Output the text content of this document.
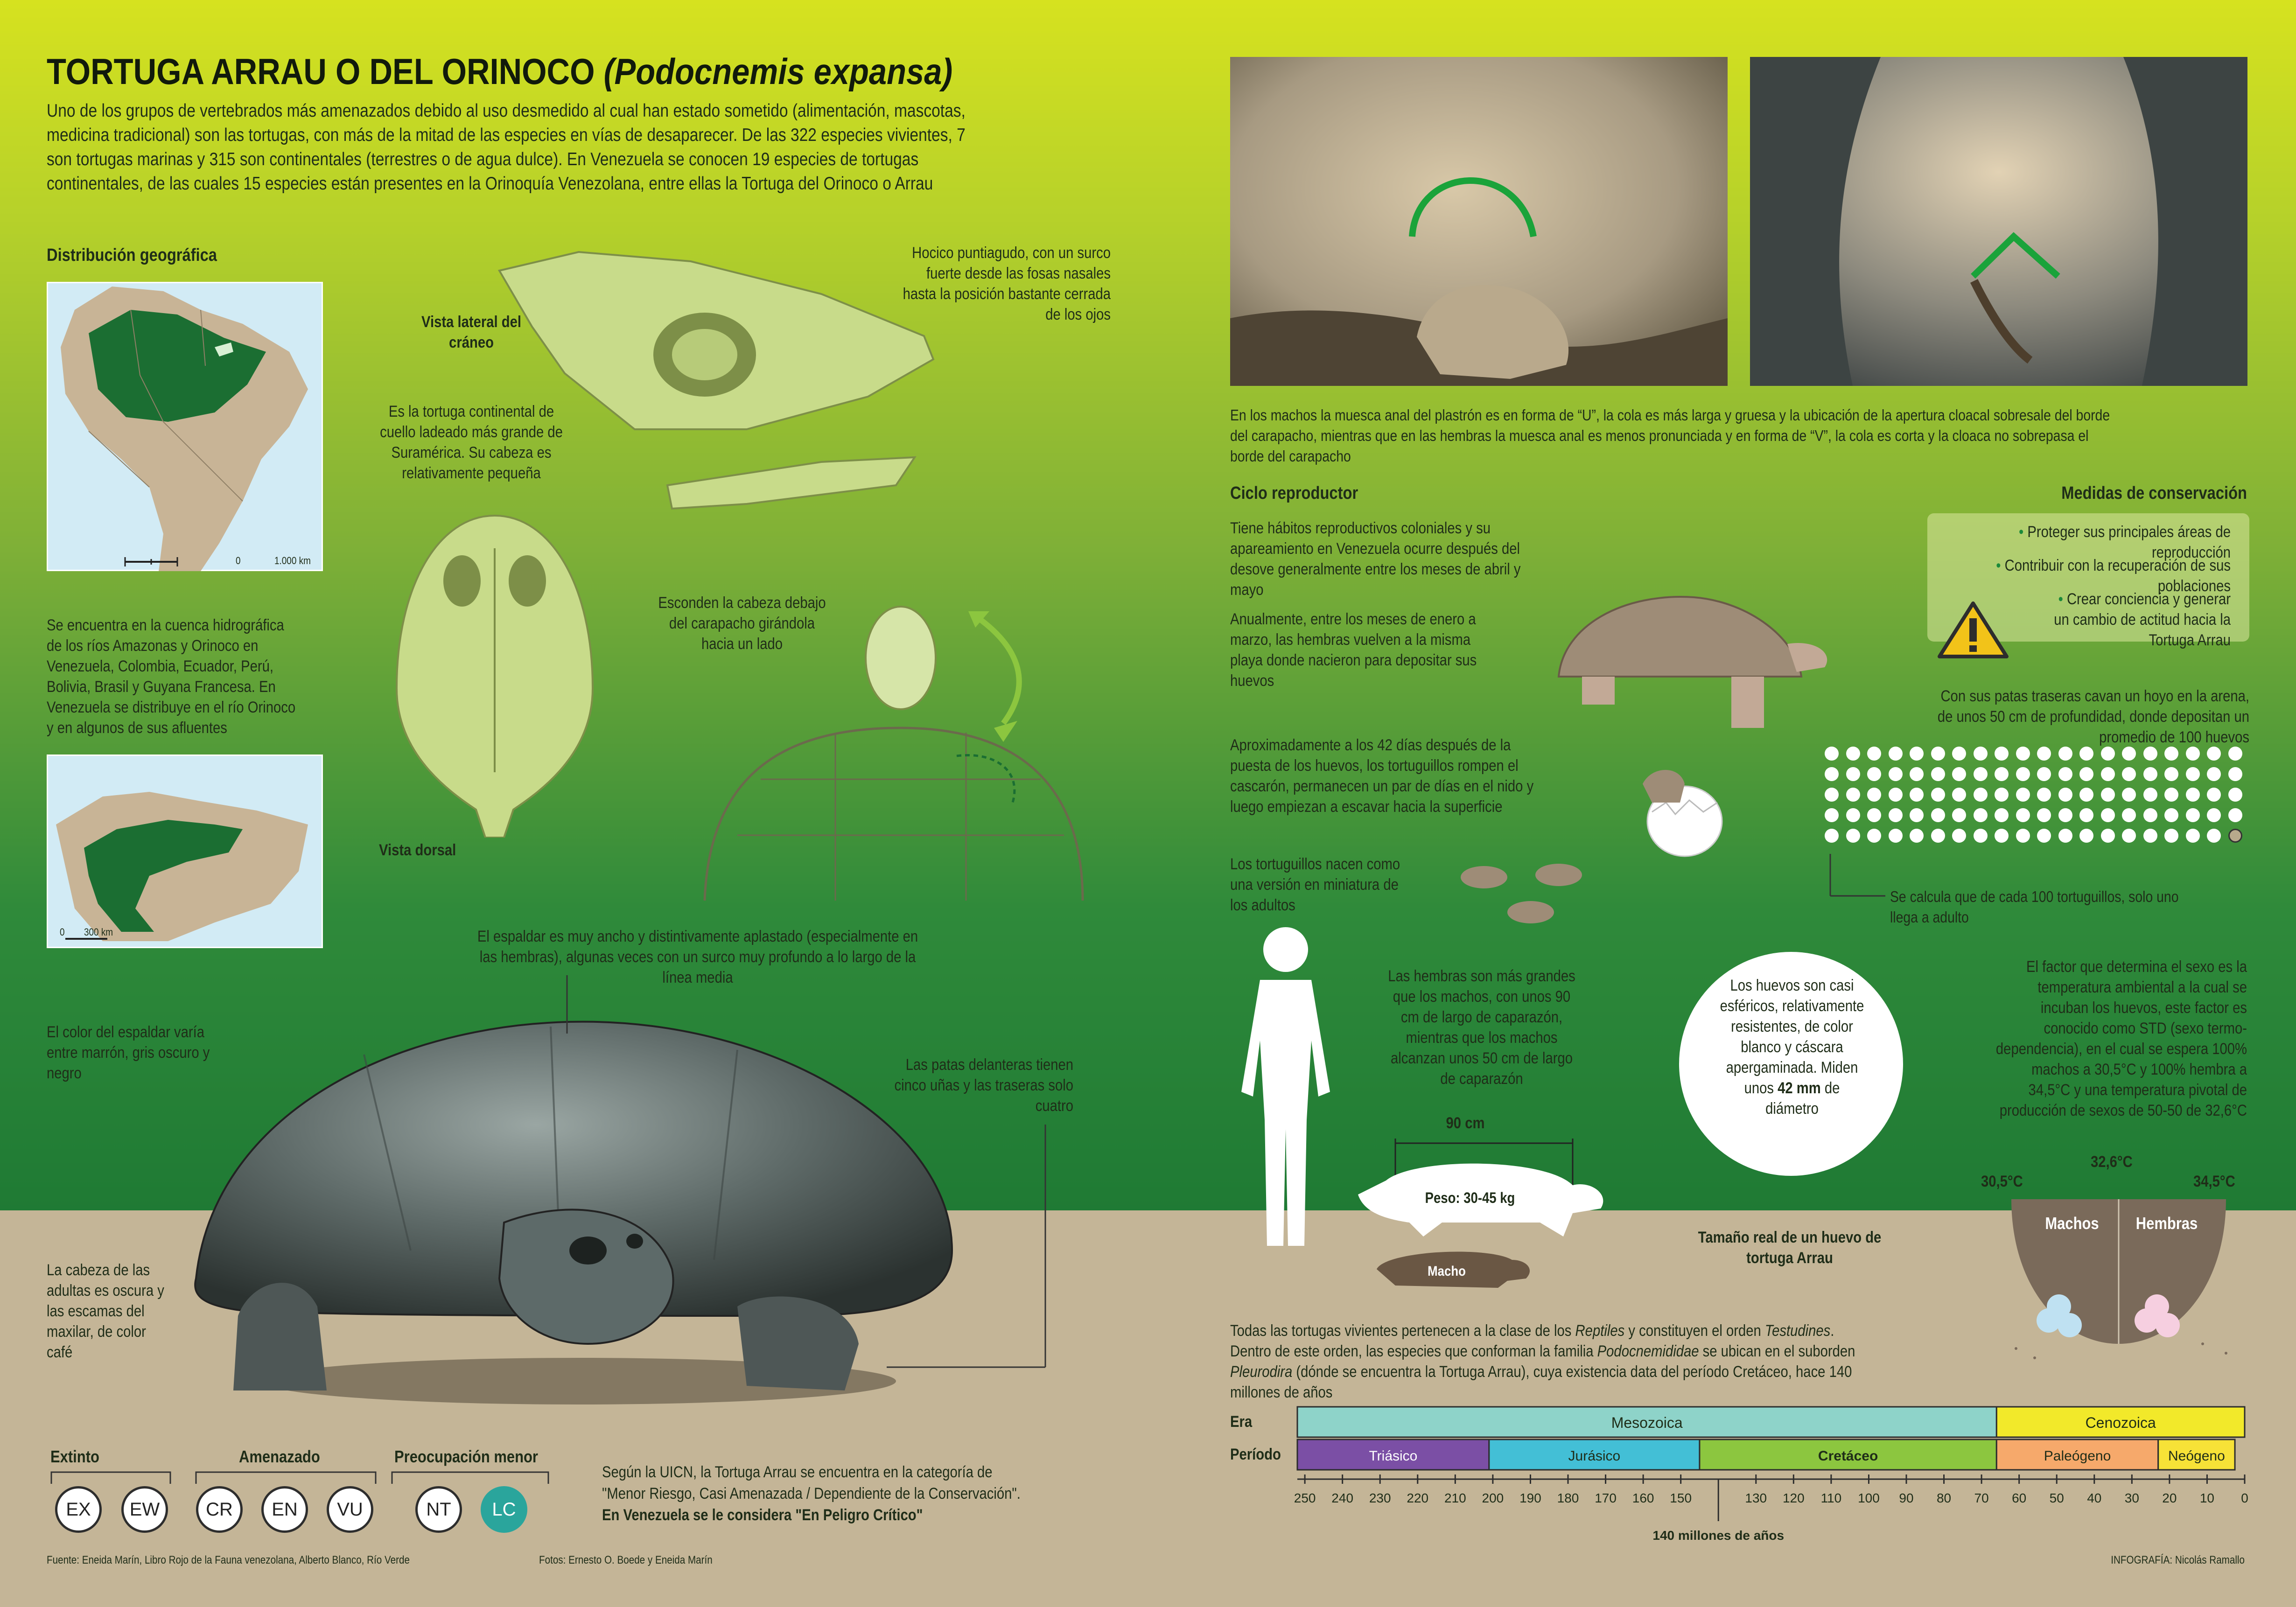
TORTUGA ARRAU O DEL ORINOCO (Podocnemis expansa)
Uno de los grupos de vertebrados más amenazados debido al uso desmedido al cual han estado sometido (alimentación, mascotas, medicina tradicional) son las tortugas, con más de la mitad de las especies en vías de desaparecer. De las 322 especies vivientes, 7 son tortugas marinas y 315 son continentales (terrestres o de agua dulce). En Venezuela se conocen 19 especies de tortugas continentales, de las cuales 15 especies están presentes en la Orinoquía Venezolana, entre ellas la Tortuga del Orinoco o Arrau
Distribución geográfica
0	1.000 km
Se encuentra en la cuenca hidrográfica de los ríos Amazonas y Orinoco en Venezuela, Colombia, Ecuador, Perú, Bolivia, Brasil y Guyana Francesa. En Venezuela se distribuye en el río Orinoco y en algunos de sus afluentes
0 300 km
Vista lateral del cráneo
Vista dorsal
Hocico puntiagudo, con un surco fuerte desde las fosas nasales hasta la posición bastante cerrada de los ojos
Es la tortuga continental de cuello ladeado más grande de Suramérica. Su cabeza es relativamente pequeña
Esconden la cabeza debajo del carapacho girándola hacia un lado
El espaldar es muy ancho y distintivamente aplastado (especialmente en las hembras), algunas veces con un surco muy profundo a lo largo de la línea media
El color del espaldar varía entre marrón, gris oscuro y negro	Las patas delanteras tienen cinco uñas y las traseras solo cuatro
La cabeza de las adultas es oscura y las escamas del maxilar, de color café
Extinto	Amenazado	Preocupación menor
EX	EW	CR	EN	VU	NT	LC
Según la UICN, la Tortuga Arrau se encuentra en la categoría de "Menor Riesgo, Casi Amenazada / Dependiente de la Conservación". En Venezuela se le considera "En Peligro Crítico"
Fuente: Eneida Marín, Libro Rojo de la Fauna venezolana, Alberto Blanco, Río Verde	Fotos: Ernesto O. Boede y Eneida Marín	INFOGRAFÍA: Nicolás Ramallo
En los machos la muesca anal del plastrón es en forma de “U”, la cola es más larga y gruesa y la ubicación de la apertura cloacal sobresale del borde del carapacho, mientras que en las hembras la muesca anal es menos pronunciada y en forma de “V”, la cola es corta y la cloaca no sobrepasa el borde del carapacho
Ciclo reproductor
Tiene hábitos reproductivos coloniales y su apareamiento en Venezuela ocurre después del desove generalmente entre los meses de abril y mayo
Anualmente, entre los meses de enero a marzo, las hembras vuelven a la misma playa donde nacieron para depositar sus huevos
Aproximadamente a los 42 días después de la puesta de los huevos, los tortuguillos rompen el cascarón, permanecen un par de días en el nido y luego empiezan a escavar hacia la superficie
Los tortuguillos nacen como una versión en miniatura de los adultos
Con sus patas traseras cavan un hoyo en la arena, de unos 50 cm de profundidad, donde depositan un promedio de 100 huevos
Se calcula que de cada 100 tortuguillos, solo uno llega a adulto
Medidas de conservación
• Proteger sus principales áreas de reproducción
• Contribuir con la recuperación de sus poblaciones
• Crear conciencia y generar un cambio de actitud hacia la Tortuga Arrau
Las hembras son más grandes que los machos, con unos 90 cm de largo de caparazón, mientras que los machos alcanzan unos 50 cm de largo de caparazón
90 cm
Peso: 30-45 kg
Macho
Los huevos son casi esféricos, relativamente resistentes, de color blanco y cáscara apergaminada. Miden unos 42 mm de diámetro
Tamaño real de un huevo de tortuga Arrau
El factor que determina el sexo es la temperatura ambiental a la cual se incuban los huevos, este factor es conocido como STD (sexo termo-dependencia), en el cual se espera 100% machos a 30,5°C y 100% hembra a 34,5°C y una temperatura pivotal de producción de sexos de 50-50 de 32,6°C
30,5°C
32,6°C
34,5°C
Machos	Hembras
Todas las tortugas vivientes pertenecen a la clase de los Reptiles y constituyen el orden Testudines. Dentro de este orden, las especies que conforman la familia Podocnemididae se ubican en el suborden Pleurodira (dónde se encuentra la Tortuga Arrau), cuya existencia data del período Cretáceo, hace 140 millones de años
Era
Período
Mesozoica	Cenozoica
Triásico	Jurásico	Cretáceo	Paleógeno	Neógeno
250 240 230 220 210 200 190 180 170 160 150	130 120 110 100 90 80 70 60 50 40 30 20 10 0
140 millones de años
